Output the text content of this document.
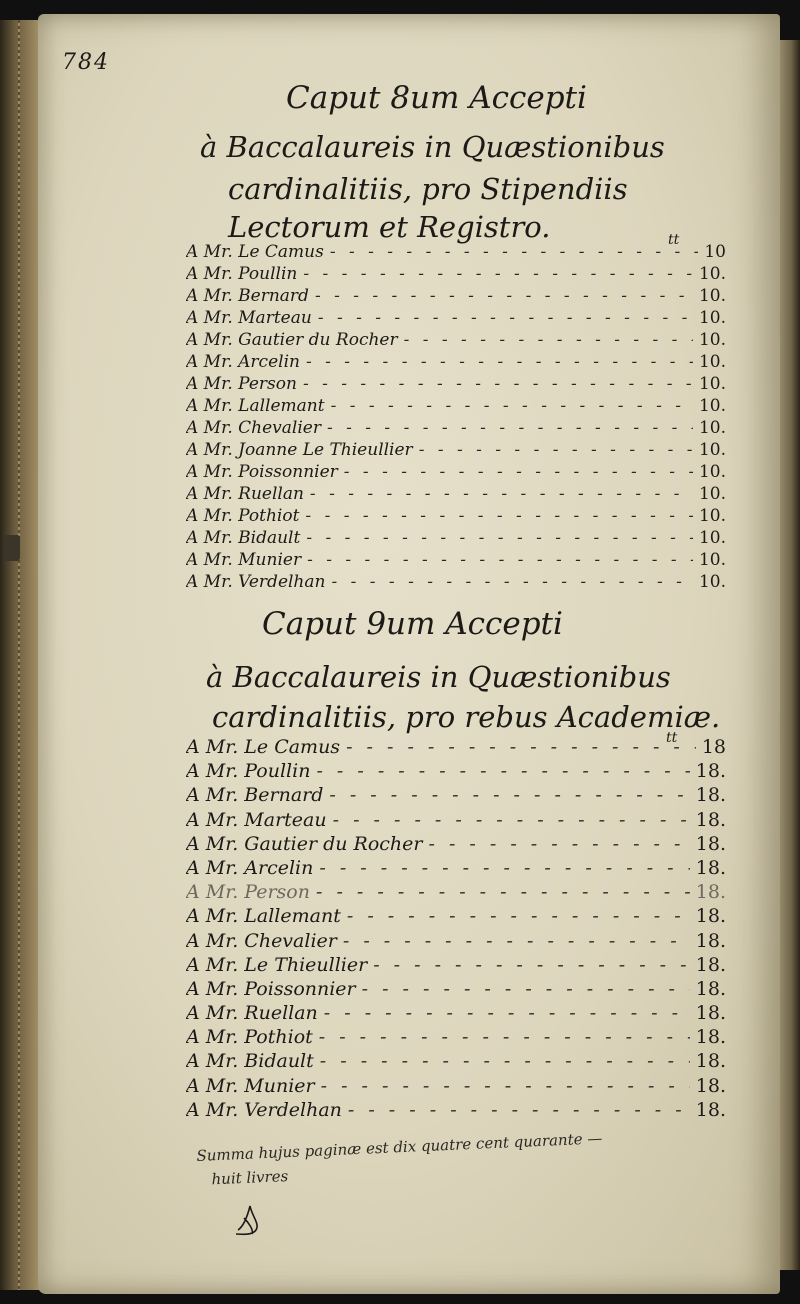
784
Caput 8um Accepti
à Baccalaureis in Quæstionibus
cardinalitiis, pro Stipendiis
Lectorum et Registro.	tt
A Mr. Le Camus - - -	10
A Mr. Poullin - - -	10.
A Mr. Bernard - - -	10.
A Mr. Marteau - - -	10.
A Mr. Gautier du Rocher - - -	10.
A Mr. Arcelin - - -	10.
A Mr. Person - - -	10.
A Mr. Lallemant - - -	10.
A Mr. Chevalier - - -	10.
A Mr. Joanne Le Thieullier - - -	10.
A Mr. Poissonnier - - -	10.
A Mr. Ruellan - - -	10.
A Mr. Pothiot - - -	10.
A Mr. Bidault - - -	10.
A Mr. Munier - - -	10.
A Mr. Verdelhan - - -	10.
Caput 9um Accepti
à Baccalaureis in Quæstionibus
cardinalitiis, pro rebus Academiæ.
tt
A Mr. Le Camus - - -	18
A Mr. Poullin - - -	18.
A Mr. Bernard - - -	18.
A Mr. Marteau - - -	18.
A Mr. Gautier du Rocher - - -	18.
A Mr. Arcelin - - -	18.
A Mr. Person - - -	18.
A Mr. Lallemant - - -	18.
A Mr. Chevalier - - -	18.
A Mr. Le Thieullier - - -	18.
A Mr. Poissonnier - - -	18.
A Mr. Ruellan - - -	18.
A Mr. Pothiot - - -	18.
A Mr. Bidault - - -	18.
A Mr. Munier - - -	18.
A Mr. Verdelhan - - -	18.
Summa hujus paginæ est dix quatre cent quarante —
huit livres
